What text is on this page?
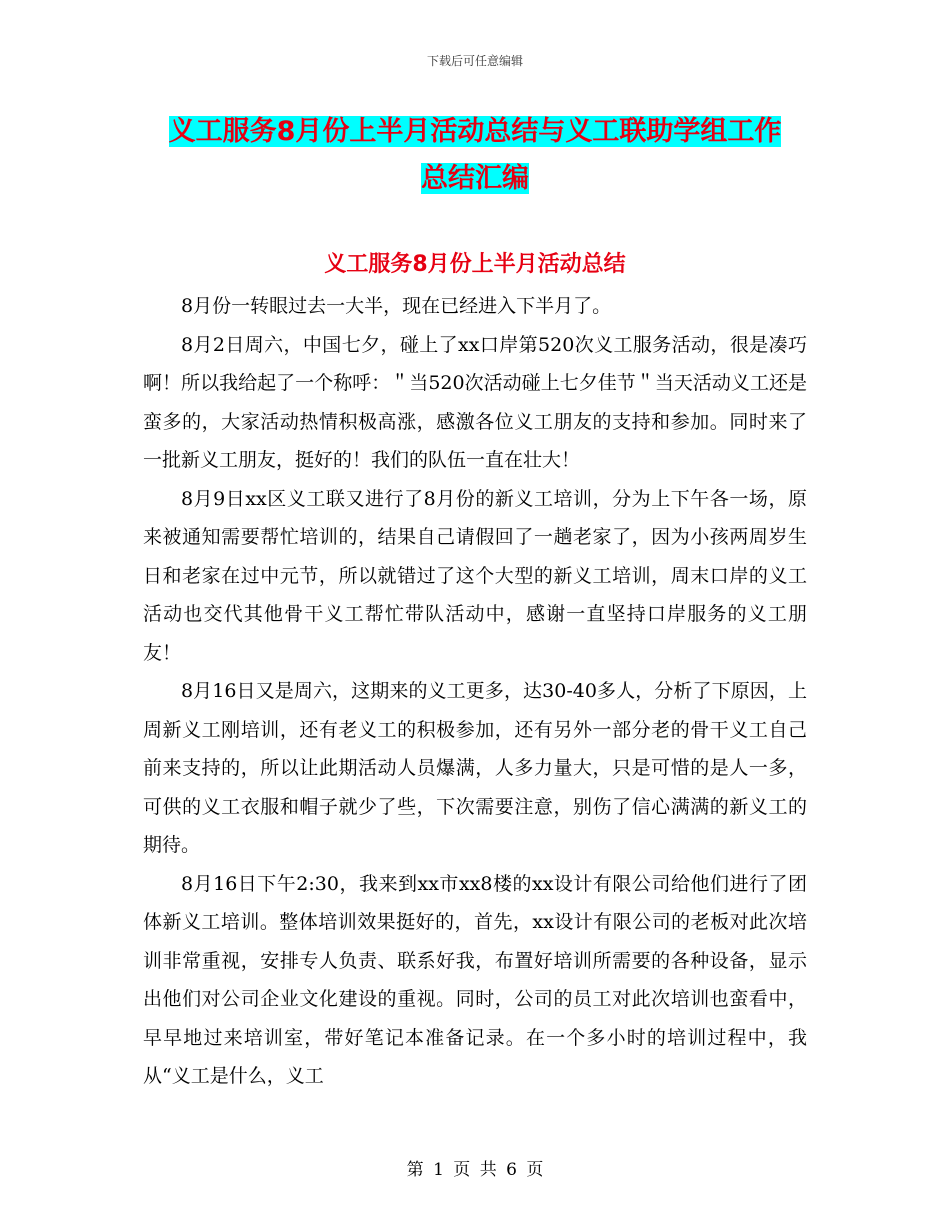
下载后可任意编辑
义工服务8月份上半月活动总结与义工联助学组工作
总结汇编
义工服务8月份上半月活动总结

8月份一转眼过去一大半，现在已经进入下半月了。

8月2日周六，中国七夕，碰上了xx口岸第520次义工服务活动，很是凑巧啊！所以我给起了一个称呼：＂当520次活动碰上七夕佳节＂当天活动义工还是蛮多的，大家活动热情积极高涨，感激各位义工朋友的支持和参加。同时来了一批新义工朋友，挺好的！我们的队伍一直在壮大！

8月9日xx区义工联又进行了8月份的新义工培训，分为上下午各一场，原来被通知需要帮忙培训的，结果自己请假回了一趟老家了，因为小孩两周岁生日和老家在过中元节，所以就错过了这个大型的新义工培训，周末口岸的义工活动也交代其他骨干义工帮忙带队活动中，感谢一直坚持口岸服务的义工朋友！

8月16日又是周六，这期来的义工更多，达30-40多人，分析了下原因，上周新义工刚培训，还有老义工的积极参加，还有另外一部分老的骨干义工自己前来支持的，所以让此期活动人员爆满，人多力量大，只是可惜的是人一多，可供的义工衣服和帽子就少了些，下次需要注意，别伤了信心满满的新义工的期待。

8月16日下午2:30，我来到xx市xx8楼的xx设计有限公司给他们进行了团体新义工培训。整体培训效果挺好的，首先，xx设计有限公司的老板对此次培训非常重视，安排专人负责、联系好我，布置好培训所需要的各种设备，显示出他们对公司企业文化建设的重视。同时，公司的员工对此次培训也蛮看中，早早地过来培训室，带好笔记本准备记录。在一个多小时的培训过程中，我从“义工是什么，义工

第 1 页 共 6 页
